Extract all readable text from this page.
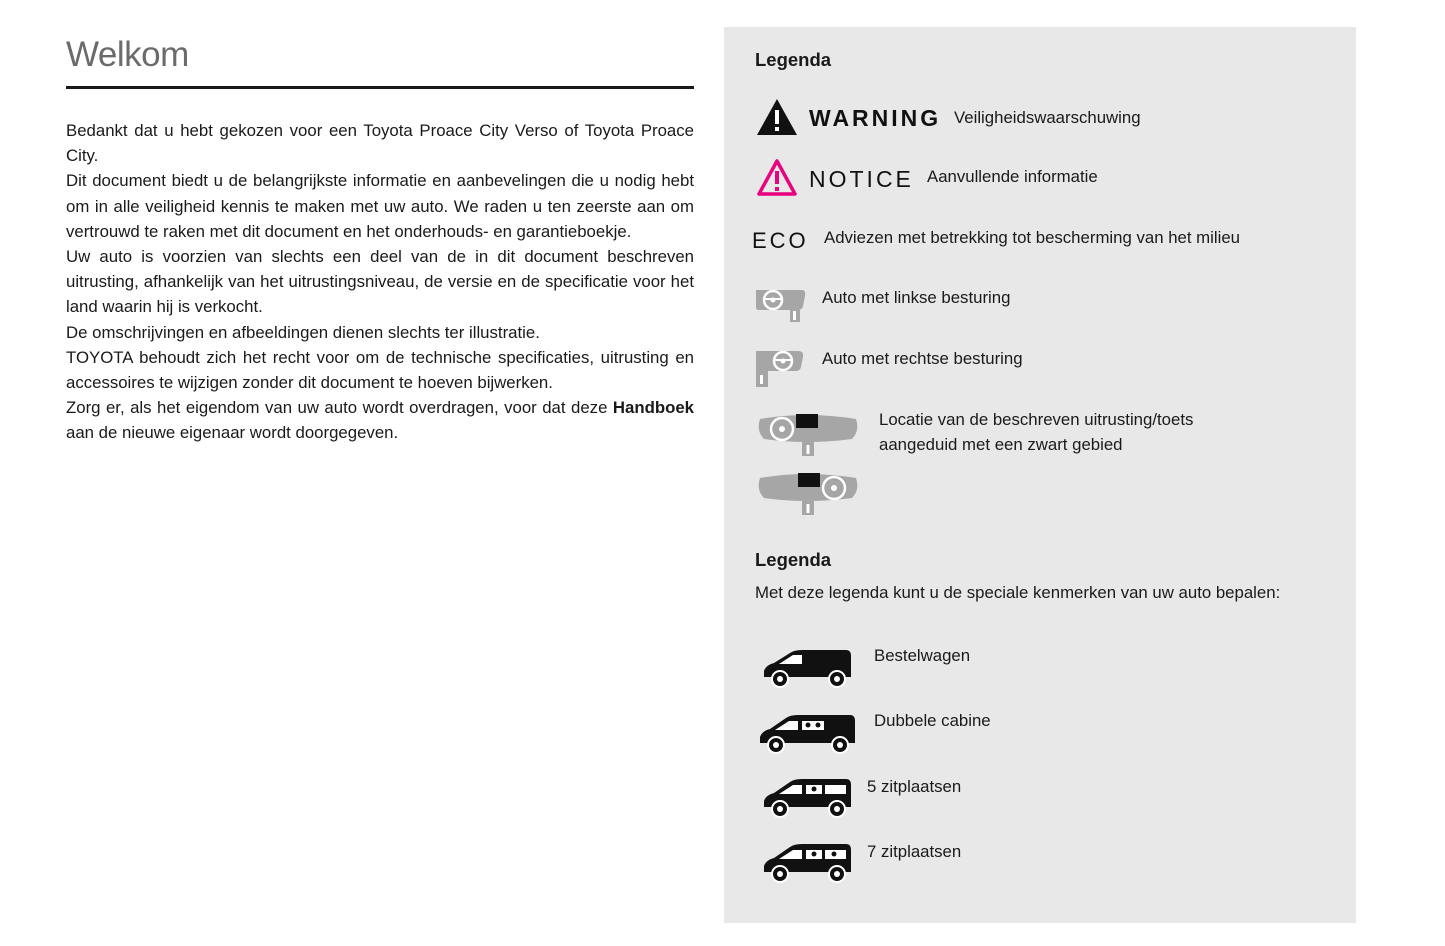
Welkom

Bedankt dat u hebt gekozen voor een Toyota Proace City Verso of Toyota Proace City.

Dit document biedt u de belangrijkste informatie en aanbevelingen die u nodig hebt om in alle veiligheid kennis te maken met uw auto. We raden u ten zeerste aan om vertrouwd te raken met dit document en het onderhouds- en garantieboekje.

Uw auto is voorzien van slechts een deel van de in dit document beschreven uitrusting, afhankelijk van het uitrustingsniveau, de versie en de specificatie voor het land waarin hij is verkocht.

De omschrijvingen en afbeeldingen dienen slechts ter illustratie.

TOYOTA behoudt zich het recht voor om de technische specificaties, uitrusting en accessoires te wijzigen zonder dit document te hoeven bijwerken.

Zorg er, als het eigendom van uw auto wordt overdragen, voor dat deze Handboek aan de nieuwe eigenaar wordt doorgegeven.

Legenda
WARNING Veiligheidswaarschuwing
NOTICE Aanvullende informatie
ECO Adviezen met betrekking tot bescherming van het milieu
Auto met linkse besturing
Auto met rechtse besturing
Locatie van de beschreven uitrusting/toets aangeduid met een zwart gebied
Legenda
Met deze legenda kunt u de speciale kenmerken van uw auto bepalen:
Bestelwagen
Dubbele cabine
5 zitplaatsen
7 zitplaatsen
